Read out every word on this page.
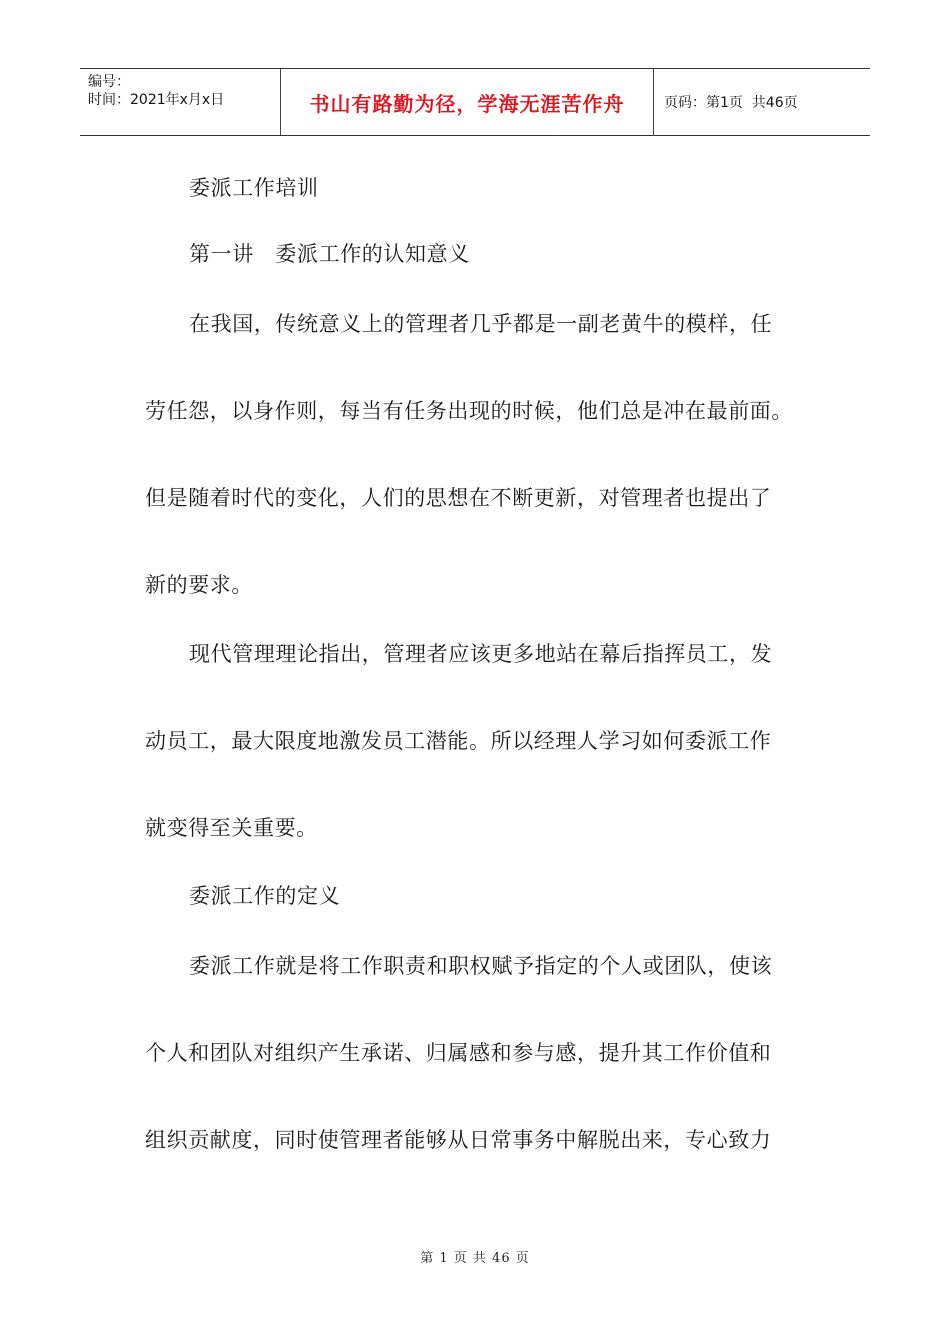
编号：
时间：2021年x月x日	书山有路勤为径，学海无涯苦作舟	页码：第1页  共46页
委派工作培训
第一讲　委派工作的认知意义
在我国，传统意义上的管理者几乎都是一副老黄牛的模样，任
劳任怨，以身作则，每当有任务出现的时候，他们总是冲在最前面。
但是随着时代的变化，人们的思想在不断更新，对管理者也提出了
新的要求。
现代管理理论指出，管理者应该更多地站在幕后指挥员工，发
动员工，最大限度地激发员工潜能。所以经理人学习如何委派工作
就变得至关重要。
委派工作的定义
委派工作就是将工作职责和职权赋予指定的个人或团队，使该
个人和团队对组织产生承诺、归属感和参与感，提升其工作价值和
组织贡献度，同时使管理者能够从日常事务中解脱出来，专心致力
第 1 页 共 46 页
